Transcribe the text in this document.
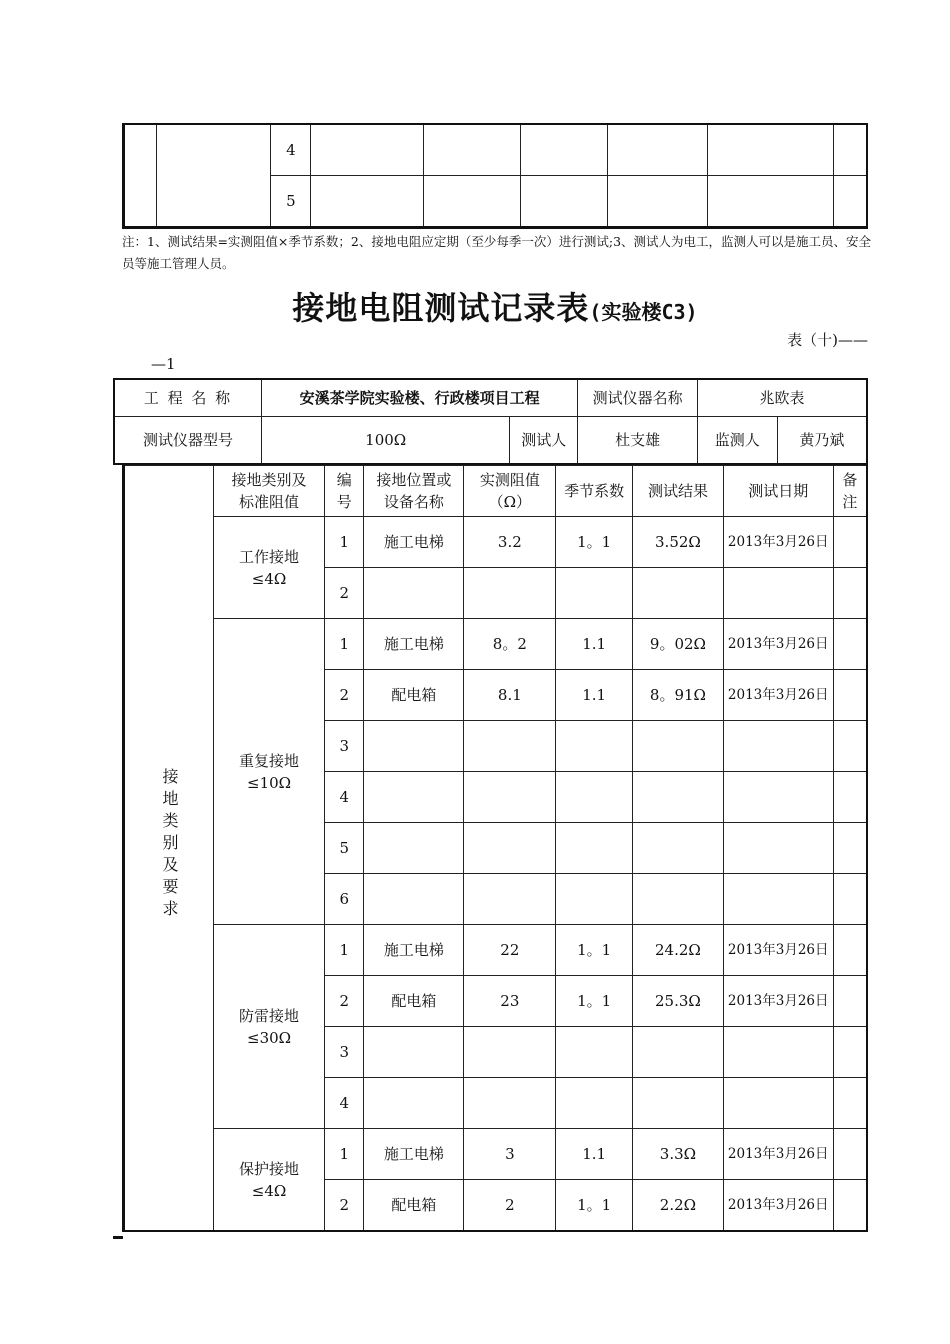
		4						
		5						
注：1、测试结果=实测阻值×季节系数；2、接地电阻应定期（至少每季一次）进行测试;3、测试人为电工，监测人可以是施工员、安全员等施工管理人员。
接地电阻测试记录表(实验楼C3)
表（十)——
—1
工 程 名 称	安溪茶学院实验楼、行政楼项目工程		测试仪器名称	兆欧表	
测试仪器型号	100Ω	测试人	杜支雄	监测人	黄乃斌
接地类别及要求	接地类别及标准阻值	编号	接地位置或设备名称	实测阻值（Ω）	季节系数	测试结果	测试日期	备注
	工作接地≤4Ω	1	施工电梯	3.2	1。1	3.52Ω	2013年3月26日	
		2						
	重复接地≤10Ω	1	施工电梯	8。2	1.1	9。02Ω	2013年3月26日	
		2	配电箱	8.1	1.1	8。91Ω	2013年3月26日	
		3						
		4						
		5						
		6						
	防雷接地≤30Ω	1	施工电梯	22	1。1	24.2Ω	2013年3月26日	
		2	配电箱	23	1。1	25.3Ω	2013年3月26日	
		3						
		4						
	保护接地≤4Ω	1	施工电梯	3	1.1	3.3Ω	2013年3月26日	
		2	配电箱	2	1。1	2.2Ω	2013年3月26日	
